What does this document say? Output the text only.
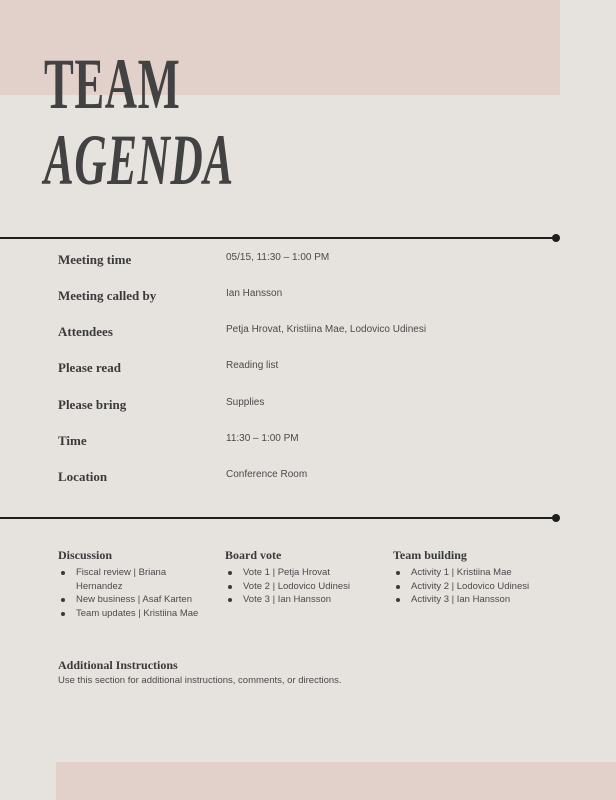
TEAM
AGENDA
Meeting time	05/15, 11:30 – 1:00 PM
Meeting called by	Ian Hansson
Attendees	Petja Hrovat, Kristiina Mae, Lodovico Udinesi
Please read	Reading list
Please bring	Supplies
Time	11:30 – 1:00 PM
Location	Conference Room
Discussion
Fiscal review | Briana Hernandez
New business | Asaf Karten
Team updates | Kristiina Mae
Board vote
Vote 1 | Petja Hrovat
Vote 2 | Lodovico Udinesi
Vote 3 | Ian Hansson
Team building
Activity 1 | Kristiina Mae
Activity 2 | Lodovico Udinesi
Activity 3 | Ian Hansson
Additional Instructions

Use this section for additional instructions, comments, or directions.
